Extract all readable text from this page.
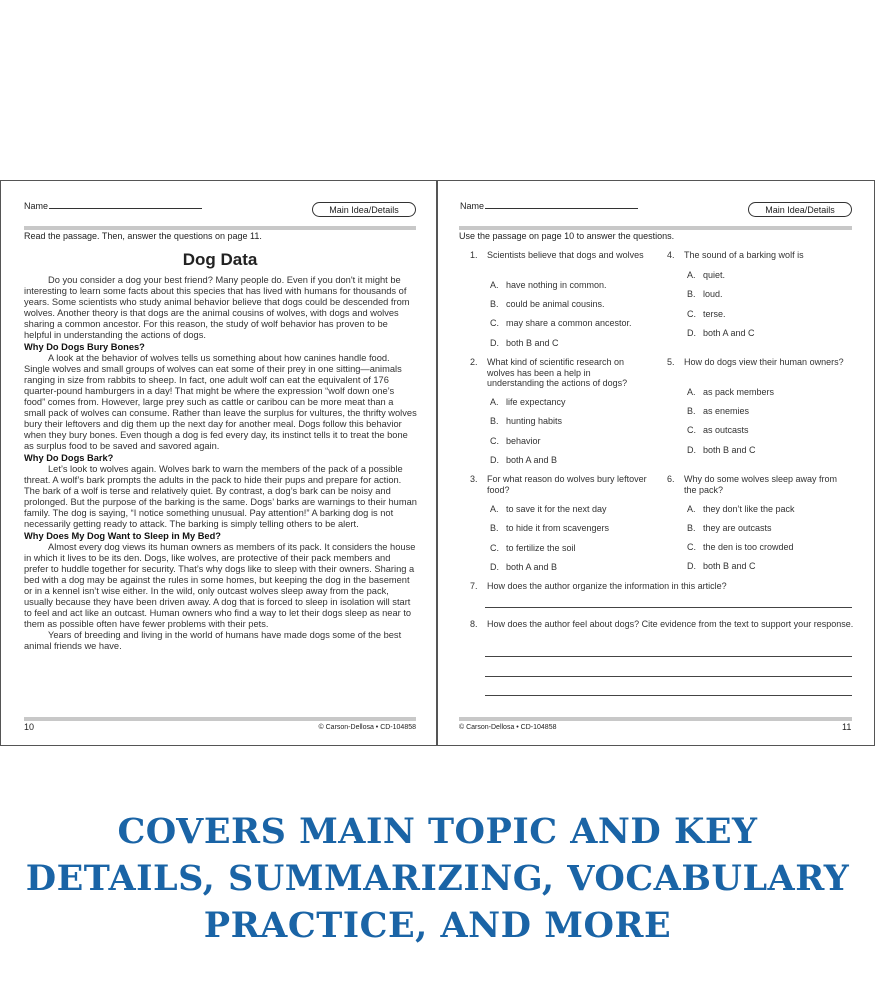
Name	Main Idea/Details
Read the passage. Then, answer the questions on page 11.
Dog Data

Do you consider a dog your best friend? Many people do. Even if you don't it might be interesting to learn some facts about this species that has lived with humans for thousands of years. Some scientists who study animal behavior believe that dogs could be descended from wolves. Another theory is that dogs are the animal cousins of wolves, with dogs and wolves sharing a common ancestor. For this reason, the study of wolf behavior has proven to be helpful in understanding the actions of dogs.

Why Do Dogs Bury Bones?

A look at the behavior of wolves tells us something about how canines handle food. Single wolves and small groups of wolves can eat some of their prey in one sitting—animals ranging in size from rabbits to sheep. In fact, one adult wolf can eat the equivalent of 176 quarter-pound hamburgers in a day! That might be where the expression “wolf down one’s food” comes from. However, large prey such as cattle or caribou can be more meat than a small pack of wolves can consume. Rather than leave the surplus for vultures, the thrifty wolves bury their leftovers and dig them up the next day for another meal. Dogs follow this behavior when they bury bones. Even though a dog is fed every day, its instinct tells it to treat the bone as surplus food to be saved and savored again.

Why Do Dogs Bark?

Let’s look to wolves again. Wolves bark to warn the members of the pack of a possible threat. A wolf’s bark prompts the adults in the pack to hide their pups and prepare for action. The bark of a wolf is terse and relatively quiet. By contrast, a dog’s bark can be noisy and prolonged. But the purpose of the barking is the same. Dogs’ barks are warnings to their human family. The dog is saying, “I notice something unusual. Pay attention!” A barking dog is not necessarily getting ready to attack. The barking is simply telling others to be alert.

Why Does My Dog Want to Sleep in My Bed?

Almost every dog views its human owners as members of its pack. It considers the house in which it lives to be its den. Dogs, like wolves, are protective of their pack members and prefer to huddle together for security. That’s why dogs like to sleep with their owners. Sharing a bed with a dog may be against the rules in some homes, but keeping the dog in the basement or in a kennel isn’t wise either. In the wild, only outcast wolves sleep away from the pack, usually because they have been driven away. A dog that is forced to sleep in isolation will start to feel and act like an outcast. Human owners who find a way to let their dogs sleep as near to them as possible often have fewer problems with their pets.

Years of breeding and living in the world of humans have made dogs some of the best animal friends we have.

10	© Carson-Dellosa • CD-104858
Name	Main Idea/Details
Use the passage on page 10 to answer the questions.
1. Scientists believe that dogs and wolves
A. have nothing in common.
B. could be animal cousins.
C. may share a common ancestor.
D. both B and C
2. What kind of scientific research on wolves has been a help in understanding the actions of dogs?
A. life expectancy
B. hunting habits
C. behavior
D. both A and B
3. For what reason do wolves bury leftover food?
A. to save it for the next day
B. to hide it from scavengers
C. to fertilize the soil
D. both A and B
4. The sound of a barking wolf is
A. quiet.
B. loud.
C. terse.
D. both A and C
5. How do dogs view their human owners?
A. as pack members
B. as enemies
C. as outcasts
D. both B and C
6. Why do some wolves sleep away from the pack?
A. they don’t like the pack
B. they are outcasts
C. the den is too crowded
D. both B and C
7. How does the author organize the information in this article?
8. How does the author feel about dogs? Cite evidence from the text to support your response.
© Carson-Dellosa • CD-104858	11
COVERS MAIN TOPIC AND KEY
DETAILS, SUMMARIZING, VOCABULARY
PRACTICE, AND MORE
